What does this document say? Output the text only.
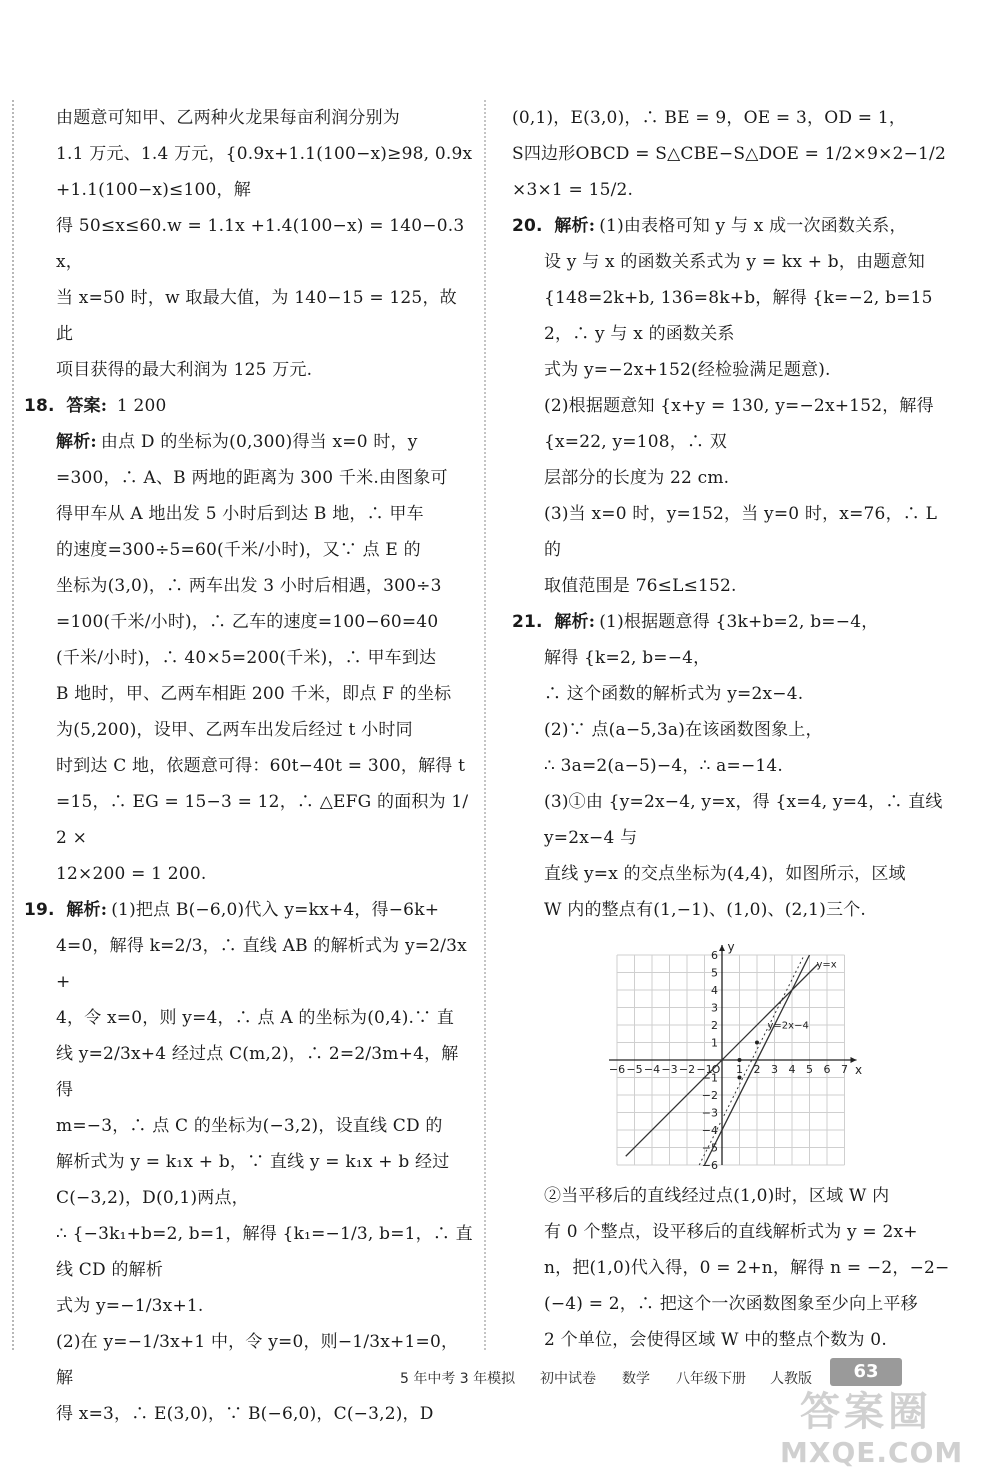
由题意可知甲、乙两种火龙果每亩利润分别为

1.1 万元、1.4 万元，{0.9x+1.1(100−x)≥98, 0.9x+1.1(100−x)≤100，解

得 50≤x≤60.w = 1.1x +1.4(100−x) = 140−0.3x，

当 x=50 时，w 取最大值，为 140−15 = 125，故此

项目获得的最大利润为 125 万元.

18. 答案: 1 200

解析: 由点 D 的坐标为(0,300)得当 x=0 时，y

=300，∴ A、B 两地的距离为 300 千米.由图象可

得甲车从 A 地出发 5 小时后到达 B 地，∴ 甲车

的速度=300÷5=60(千米/小时)，又∵ 点 E 的

坐标为(3,0)，∴ 两车出发 3 小时后相遇，300÷3

=100(千米/小时)，∴ 乙车的速度=100−60=40

(千米/小时)，∴ 40×5=200(千米)，∴ 甲车到达

B 地时，甲、乙两车相距 200 千米，即点 F 的坐标

为(5,200)，设甲、乙两车出发后经过 t 小时同

时到达 C 地，依题意可得：60t−40t = 300，解得 t

=15，∴ EG = 15−3 = 12，∴ △EFG 的面积为 1/2 ×

12×200 = 1 200.

19. 解析: (1)把点 B(−6,0)代入 y=kx+4，得−6k+

4=0，解得 k=2/3，∴ 直线 AB 的解析式为 y=2/3x+

4，令 x=0，则 y=4，∴ 点 A 的坐标为(0,4).∵ 直

线 y=2/3x+4 经过点 C(m,2)，∴ 2=2/3m+4，解得

m=−3，∴ 点 C 的坐标为(−3,2)，设直线 CD 的

解析式为 y = k₁x + b，∵ 直线 y = k₁x + b 经过

C(−3,2)，D(0,1)两点，

∴ {−3k₁+b=2, b=1，解得 {k₁=−1/3, b=1，∴ 直线 CD 的解析

式为 y=−1/3x+1.

(2)在 y=−1/3x+1 中，令 y=0，则−1/3x+1=0，解

得 x=3，∴ E(3,0)，∵ B(−6,0)，C(−3,2)，D

(0,1)，E(3,0)，∴ BE = 9，OE = 3，OD = 1，

S四边形OBCD = S△CBE−S△DOE = 1/2×9×2−1/2×3×1 = 15/2.

20. 解析: (1)由表格可知 y 与 x 成一次函数关系，

设 y 与 x 的函数关系式为 y = kx + b，由题意知

{148=2k+b, 136=8k+b，解得 {k=−2, b=152，∴ y 与 x 的函数关系

式为 y=−2x+152(经检验满足题意).

(2)根据题意知 {x+y = 130, y=−2x+152，解得 {x=22, y=108，∴ 双

层部分的长度为 22 cm.

(3)当 x=0 时，y=152，当 y=0 时，x=76，∴ L 的

取值范围是 76≤L≤152.

21. 解析: (1)根据题意得 {3k+b=2, b=−4，

解得 {k=2, b=−4，

∴ 这个函数的解析式为 y=2x−4.

(2)∵ 点(a−5,3a)在该函数图象上，

∴ 3a=2(a−5)−4，∴ a=−14.

(3)①由 {y=2x−4, y=x，得 {x=4, y=4，∴ 直线 y=2x−4 与

直线 y=x 的交点坐标为(4,4)，如图所示，区域

W 内的整点有(1,−1)、(1,0)、(2,1)三个.

−6 −5 −4 −3 −2 −1 1 2 3 4 5 6 7
6
5
4
3
2
1
−1
−2
−3
−4
−5
−6
O	x
y
y=x
y=2x−4

②当平移后的直线经过点(1,0)时，区域 W 内

有 0 个整点，设平移后的直线解析式为 y = 2x+

n，把(1,0)代入得，0 = 2+n，解得 n = −2，−2−

(−4) = 2，∴ 把这个一次函数图象至少向上平移

2 个单位，会使得区域 W 中的整点个数为 0.

5 年中考 3 年模拟 初中试卷 数学 八年级下册 人教版	63
答案圈
MXQE.COM
